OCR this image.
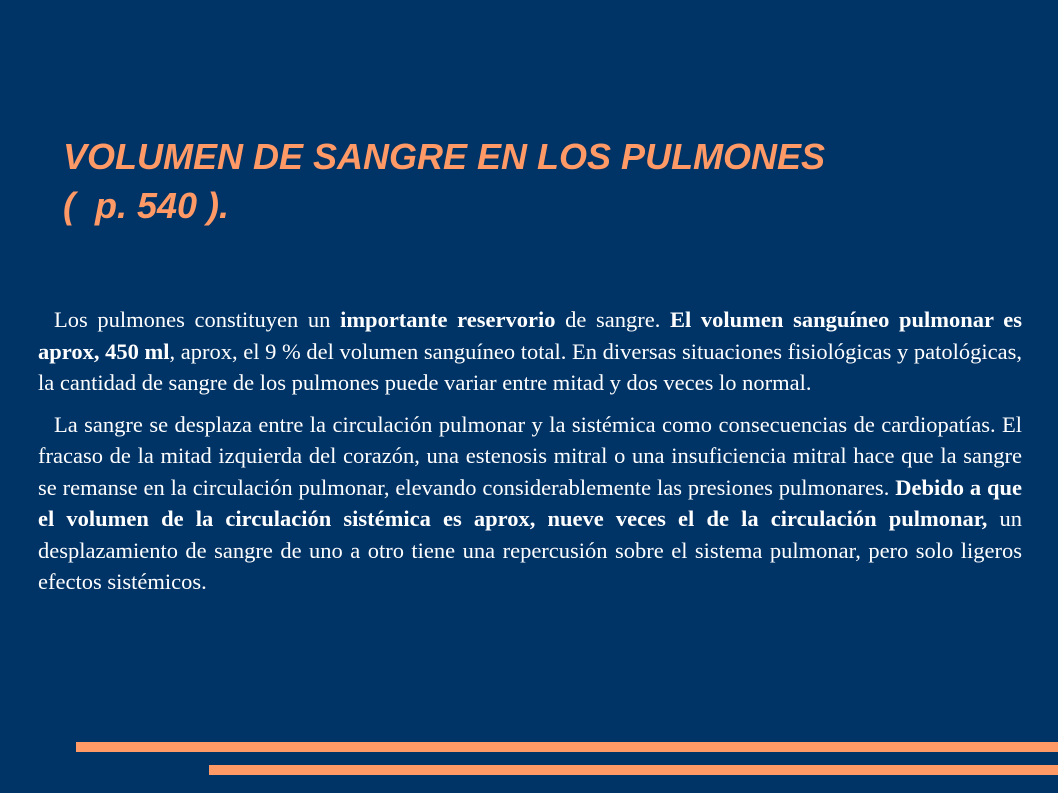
VOLUMEN DE SANGRE EN LOS PULMONES
(  p. 540 ).

Los pulmones constituyen un importante reservorio de sangre. El volumen sanguíneo pulmonar es aprox, 450 ml, aprox, el 9 % del volumen sanguíneo total. En diversas situaciones fisiológicas y patológicas, la cantidad de sangre de los pulmones puede variar entre mitad y dos veces lo normal.

La sangre se desplaza entre la circulación pulmonar y la sistémica como consecuencias de cardiopatías. El fracaso de la mitad izquierda del corazón, una estenosis mitral o una insuficiencia mitral hace que la sangre se remanse en la circulación pulmonar, elevando considerablemente las presiones pulmonares. Debido a que el volumen de la circulación sistémica es aprox, nueve veces el de la circulación pulmonar, un desplazamiento de sangre de uno a otro tiene una repercusión sobre el sistema pulmonar, pero solo ligeros efectos sistémicos.
